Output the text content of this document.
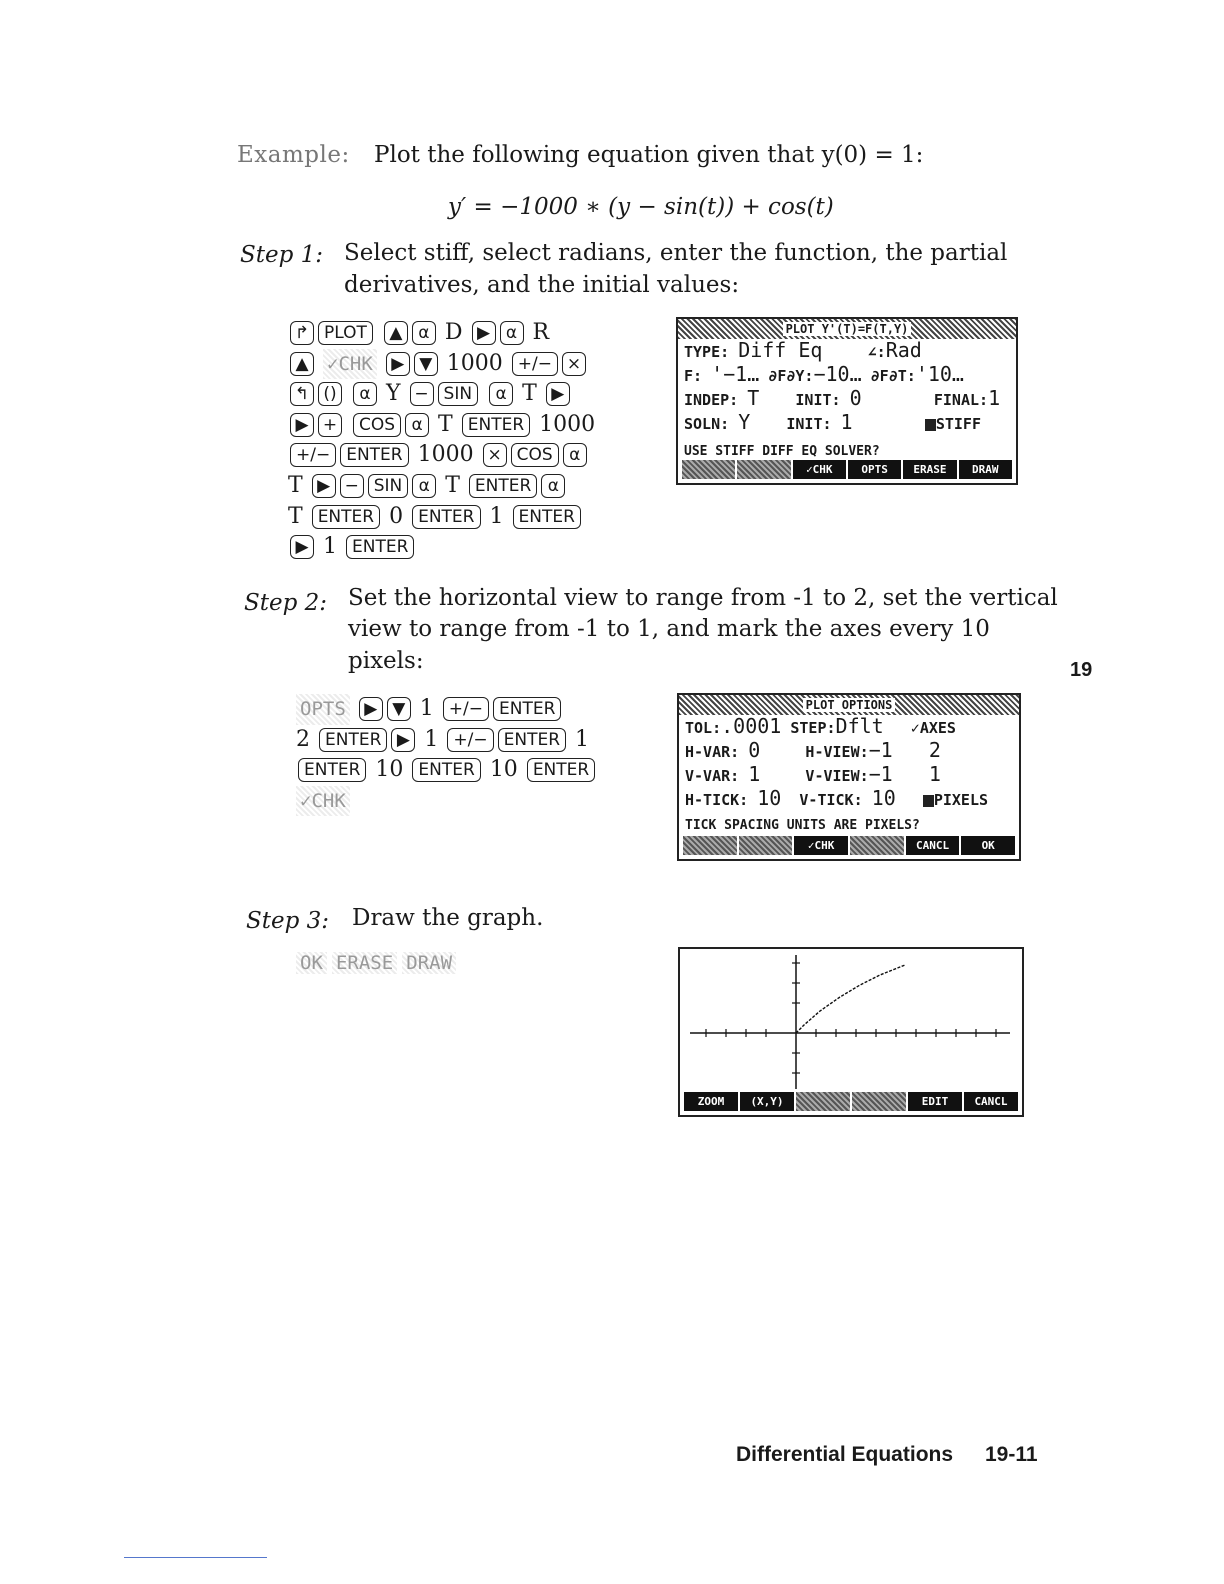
Example: Plot the following equation given that y(0) = 1:
y′ = −1000 ∗ (y − sin(t)) + cos(t)
Step 1: Select stiff, select radians, enter the function, the partial
derivatives, and the initial values:
↱ PLOT ▲ α D ▶ α R
▲ ✓CHK ▶ ▼ 1000 +/− ×
↰ () α Y − SIN α T ▶
▶ + COS α T ENTER 1000
+/− ENTER 1000 × COS α
T ▶ − SIN α T ENTER α
T ENTER 0 ENTER 1 ENTER
▶ 1 ENTER
PLOT Y'(T)=F(T,Y)
TYPE: Diff Eq	∠:Rad
F: '−1… ∂F∂Y:−10… ∂F∂T:'10…
INDEP: T INIT: 0	FINAL:1
SOLN: Y INIT: 1	STIFF
USE STIFF DIFF EQ SOLVER?
✓CHK	OPTS	ERASE	DRAW
Step 2: Set the horizontal view to range from -1 to 2, set the vertical
view to range from -1 to 1, and mark the axes every 10
pixels:
OPTS ▶ ▼ 1 +/− ENTER
2 ENTER ▶ 1 +/− ENTER 1
ENTER 10 ENTER 10 ENTER
✓CHK
PLOT OPTIONS
TOL:.0001 STEP:Dflt ✓AXES
H-VAR: 0	H-VIEW:−1 2
V-VAR: 1	V-VIEW:−1 1
H-TICK: 10 V-TICK: 10	PIXELS
TICK SPACING UNITS ARE PIXELS?
✓CHK	CANCL	OK
19
Step 3: Draw the graph.
OK ERASE DRAW
ZOOM	(X,Y)	EDIT	CANCL
Differential Equations 19-11
